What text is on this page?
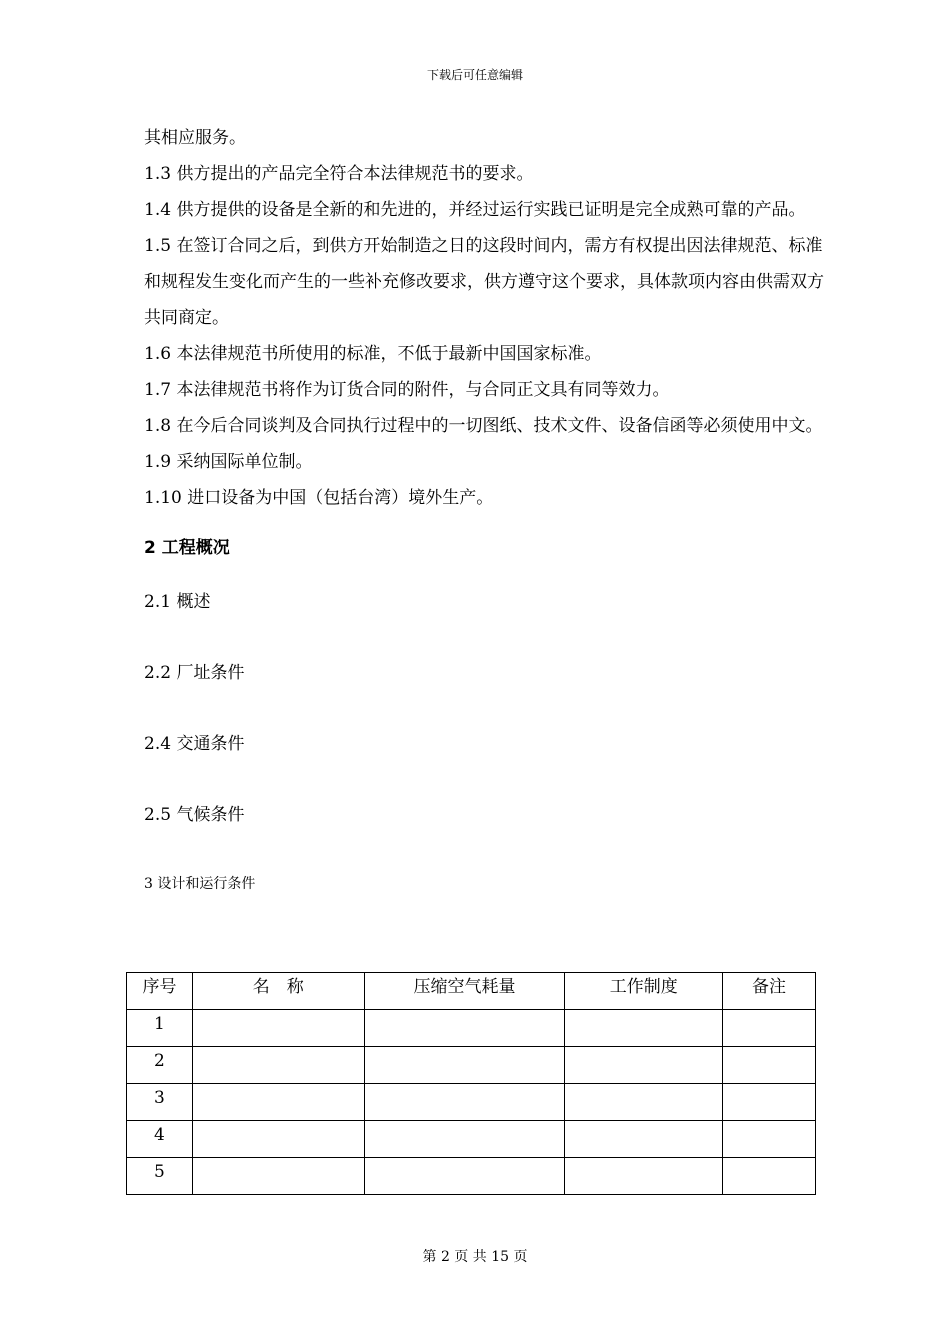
下载后可任意编辑

其相应服务。

1.3 供方提出的产品完全符合本法律规范书的要求。

1.4 供方提供的设备是全新的和先进的，并经过运行实践已证明是完全成熟可靠的产品。

1.5 在签订合同之后，到供方开始制造之日的这段时间内，需方有权提出因法律规范、标准和规程发生变化而产生的一些补充修改要求，供方遵守这个要求，具体款项内容由供需双方共同商定。

1.6 本法律规范书所使用的标准，不低于最新中国国家标准。

1.7 本法律规范书将作为订货合同的附件，与合同正文具有同等效力。

1.8 在今后合同谈判及合同执行过程中的一切图纸、技术文件、设备信函等必须使用中文。

1.9 采纳国际单位制。

1.10 进口设备为中国（包括台湾）境外生产。

2 工程概况

2.1 概述

2.2 厂址条件

2.4 交通条件

2.5 气候条件

3 设计和运行条件

序号	名　称	压缩空气耗量	工作制度	备注
1				
2				
3				
4				
5				
第 2 页 共 15 页
